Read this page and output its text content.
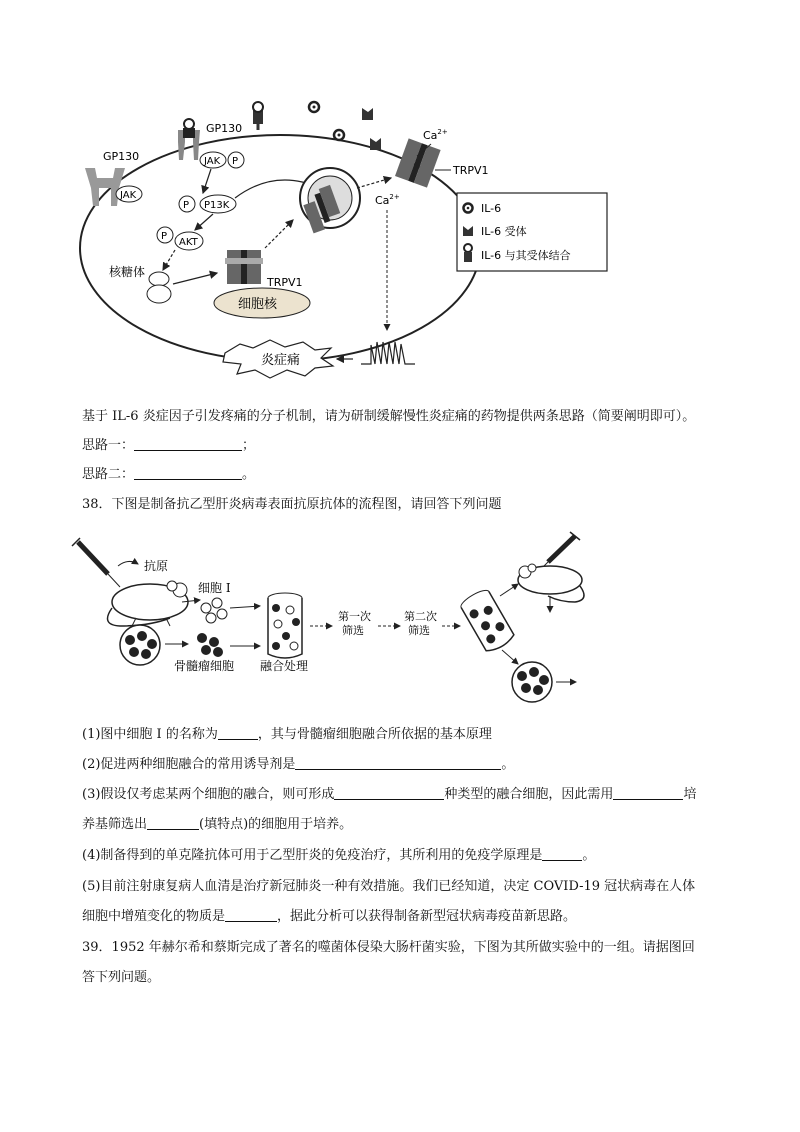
GP130
GP130
JAK
JAK P
P P13K
P
AKT
核糖体
TRPV1
$Ca^{2+}$
$Ca^{2+}$
TRPV1
细胞核
IL-6
IL-6 受体
IL-6 与其受体结合
炎症痛
基于 IL-6 炎症因子引发疼痛的分子机制，请为研制缓解慢性炎症痛的药物提供两条思路（简要阐明即可）。
思路一：	；
思路二：	。
38．下图是制备抗乙型肝炎病毒表面抗原抗体的流程图，请回答下列问题
抗原
细胞 I
骨髓瘤细胞 融合处理
第一次
筛选
第二次
筛选
(1)图中细胞 I 的名称为	，其与骨髓瘤细胞融合所依据的基本原理
(2)促进两种细胞融合的常用诱导剂是	。
(3)假设仅考虑某两个细胞的融合，则可形成	种类型的融合细胞，因此需用	培
养基筛选出	(填特点)的细胞用于培养。
(4)制备得到的单克隆抗体可用于乙型肝炎的免疫治疗，其所利用的免疫学原理是	。
(5)目前注射康复病人血清是治疗新冠肺炎一种有效措施。我们已经知道，决定 COVID-19 冠状病毒在人体
细胞中增殖变化的物质是	，据此分析可以获得制备新型冠状病毒疫苗新思路。
39．1952 年赫尔希和蔡斯完成了著名的噬菌体侵染大肠杆菌实验，下图为其所做实验中的一组。请据图回
答下列问题。
